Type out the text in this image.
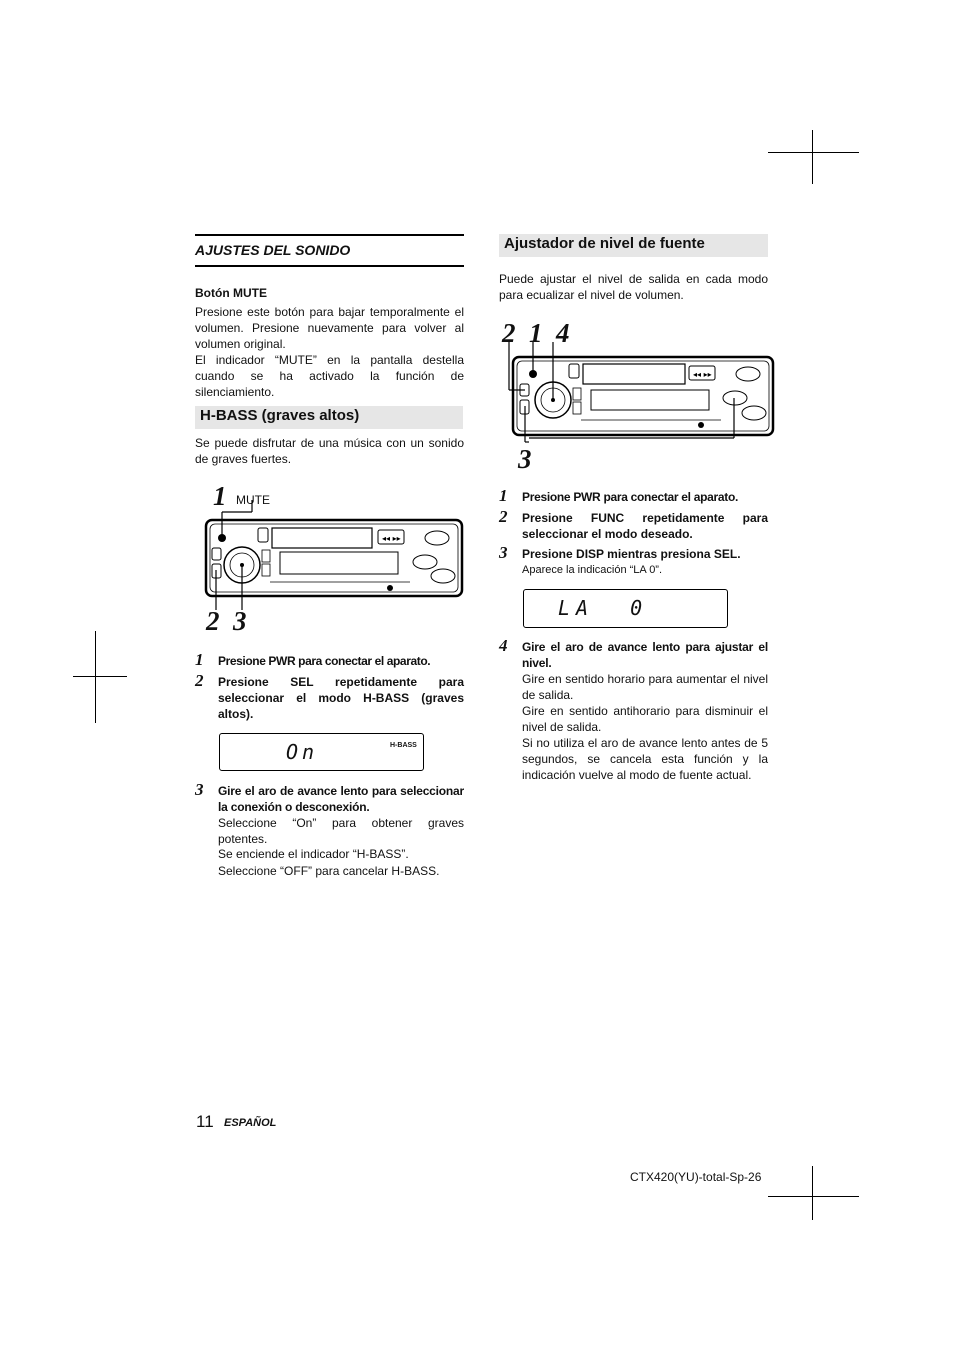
AJUSTES DEL SONIDO
Botón MUTE
Presione este botón para bajar temporalmente el volumen. Presione nuevamente para volver al volumen original.
El indicador “MUTE” en la pantalla destella cuando se ha activado la función de silenciamiento.
H-BASS (graves altos)
Se puede disfrutar de una música con un sonido de graves fuertes.
1 MUTE
◂◂ ▸▸
2 3
1 Presione PWR para conectar el aparato.
2 Presione SEL repetidamente para seleccionar el modo H-BASS (graves altos).
On	H-BASS
3 Gire el aro de avance lento para seleccionar la conexión o desconexión.
Seleccione “On” para obtener graves potentes.
Se enciende el indicador “H-BASS”.
Seleccione “OFF” para cancelar H-BASS.
11 ESPAÑOL
Ajustador de nivel de fuente
Puede ajustar el nivel de salida en cada modo para ecualizar el nivel de volumen.
2  1  4
◂◂ ▸▸
3
1 Presione PWR para conectar el aparato.
2 Presione FUNC repetidamente para seleccionar el modo deseado.
3 Presione DISP mientras presiona SEL.
Aparece la indicación “LA 0”.
LA  0
4 Gire el aro de avance lento para ajustar el nivel.
Gire en sentido horario para aumentar el nivel de salida.
Gire en sentido antihorario para disminuir el nivel de salida.
Si no utiliza el aro de avance lento antes de 5 segundos, se cancela esta función y la indicación vuelve al modo de fuente actual.
CTX420(YU)-total-Sp-26
